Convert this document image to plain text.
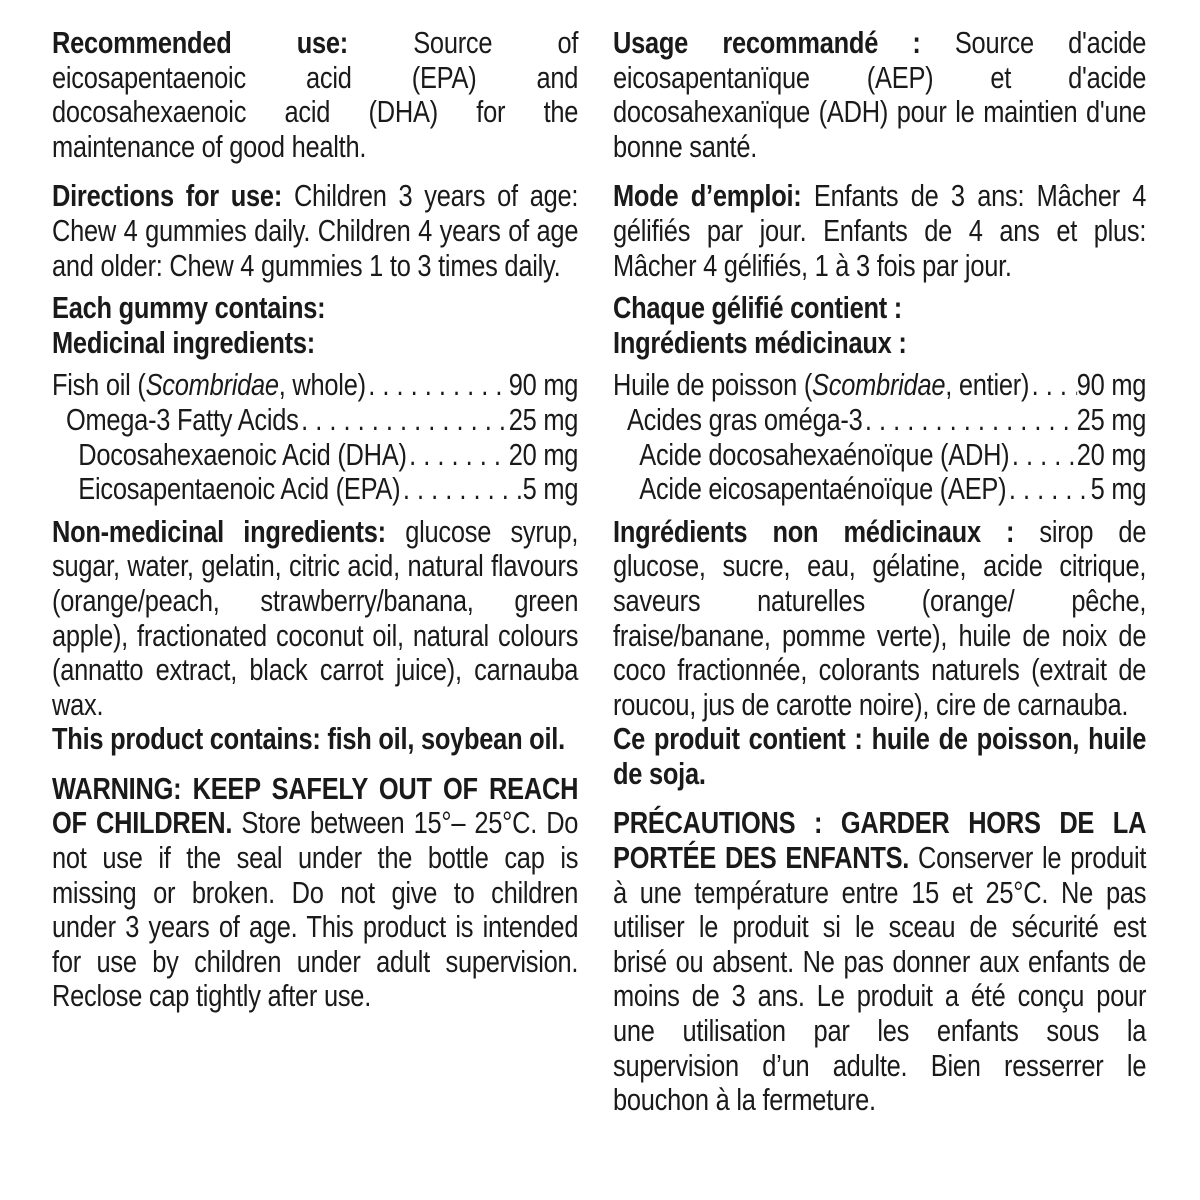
Recommended use: Source of eicosapentaenoic acid (EPA) and docosahexaenoic acid (DHA) for the maintenance of good health.

Directions for use: Children 3 years of age: Chew 4 gummies daily. Children 4 years of age and older: Chew 4 gummies 1 to 3 times daily.

Each gummy contains:

Medicinal ingredients:

Fish oil (Scombridae, whole) . . .	90 mg
Omega-3 Fatty Acids . . .	25 mg
Docosahexaenoic Acid (DHA) . . .	20 mg
Eicosapentaenoic Acid (EPA) . . .	5 mg

Non-medicinal ingredients: glucose syrup, sugar, water, gelatin, citric acid, natural flavours (orange/peach, strawberry/banana, green apple), fractionated coconut oil, natural colours (annatto extract, black carrot juice), carnauba wax.

This product contains: fish oil, soybean oil.

WARNING: KEEP SAFELY OUT OF REACH OF CHILDREN. Store between 15°– 25°C. Do not use if the seal under the bottle cap is missing or broken. Do not give to children under 3 years of age. This product is intended for use by children under adult supervision. Reclose cap tightly after use.

Usage recommandé : Source d'acide eicosapentanïque (AEP) et d'acide docosahexanïque (ADH) pour le maintien d'une bonne santé.

Mode d’emploi: Enfants de 3 ans: Mâcher 4 gélifiés par jour. Enfants de 4 ans et plus: Mâcher 4 gélifiés, 1 à 3 fois par jour.

Chaque gélifié contient :

Ingrédients médicinaux :

Huile de poisson (Scombridae, entier) . . . 90 mg
Acides gras oméga-3 . . .	25 mg
Acide docosahexaénoïque (ADH) . . . 20 mg
Acide eicosapentaénoïque (AEP) . . .	5 mg

Ingrédients non médicinaux : sirop de glucose, sucre, eau, gélatine, acide citrique, saveurs naturelles (orange/ pêche, fraise/banane, pomme verte), huile de noix de coco fractionnée, colorants naturels (extrait de roucou, jus de carotte noire), cire de carnauba.

Ce produit contient : huile de poisson, huile de soja.

PRÉCAUTIONS : GARDER HORS DE LA PORTÉE DES ENFANTS. Conserver le produit à une température entre 15 et 25°C. Ne pas utiliser le produit si le sceau de sécurité est brisé ou absent. Ne pas donner aux enfants de moins de 3 ans. Le produit a été conçu pour une utilisation par les enfants sous la supervision d’un adulte. Bien resserrer le bouchon à la fermeture.
